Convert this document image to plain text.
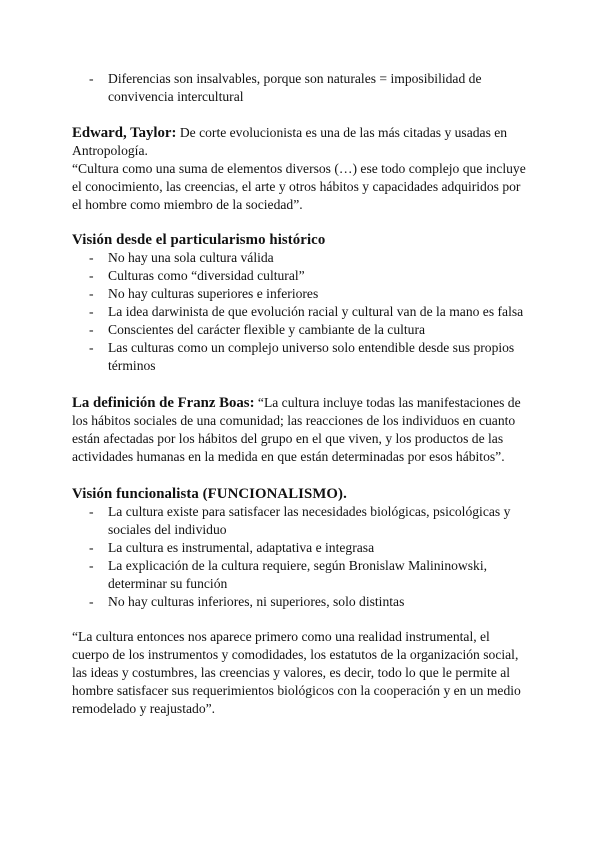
- Diferencias son insalvables, porque son naturales = imposibilidad de convivencia intercultural

Edward, Taylor: De corte evolucionista es una de las más citadas y usadas en Antropología.

“Cultura como una suma de elementos diversos (…) ese todo complejo que incluye el conocimiento, las creencias, el arte y otros hábitos y capacidades adquiridos por el hombre como miembro de la sociedad”.

Visión desde el particularismo histórico
- No hay una sola cultura válida
- Culturas como “diversidad cultural”
- No hay culturas superiores e inferiores
- La idea darwinista de que evolución racial y cultural van de la mano es falsa
- Conscientes del carácter flexible y cambiante de la cultura
- Las culturas como un complejo universo solo entendible desde sus propios términos

La definición de Franz Boas: “La cultura incluye todas las manifestaciones de los hábitos sociales de una comunidad; las reacciones de los individuos en cuanto están afectadas por los hábitos del grupo en el que viven, y los productos de las actividades humanas en la medida en que están determinadas por esos hábitos”.

Visión funcionalista (FUNCIONALISMO).
- La cultura existe para satisfacer las necesidades biológicas, psicológicas y sociales del individuo
- La cultura es instrumental, adaptativa e integrasa
- La explicación de la cultura requiere, según Bronislaw Malininowski, determinar su función
- No hay culturas inferiores, ni superiores, solo distintas

“La cultura entonces nos aparece primero como una realidad instrumental, el cuerpo de los instrumentos y comodidades, los estatutos de la organización social, las ideas y costumbres, las creencias y valores, es decir, todo lo que le permite al hombre satisfacer sus requerimientos biológicos con la cooperación y en un medio remodelado y reajustado”.
